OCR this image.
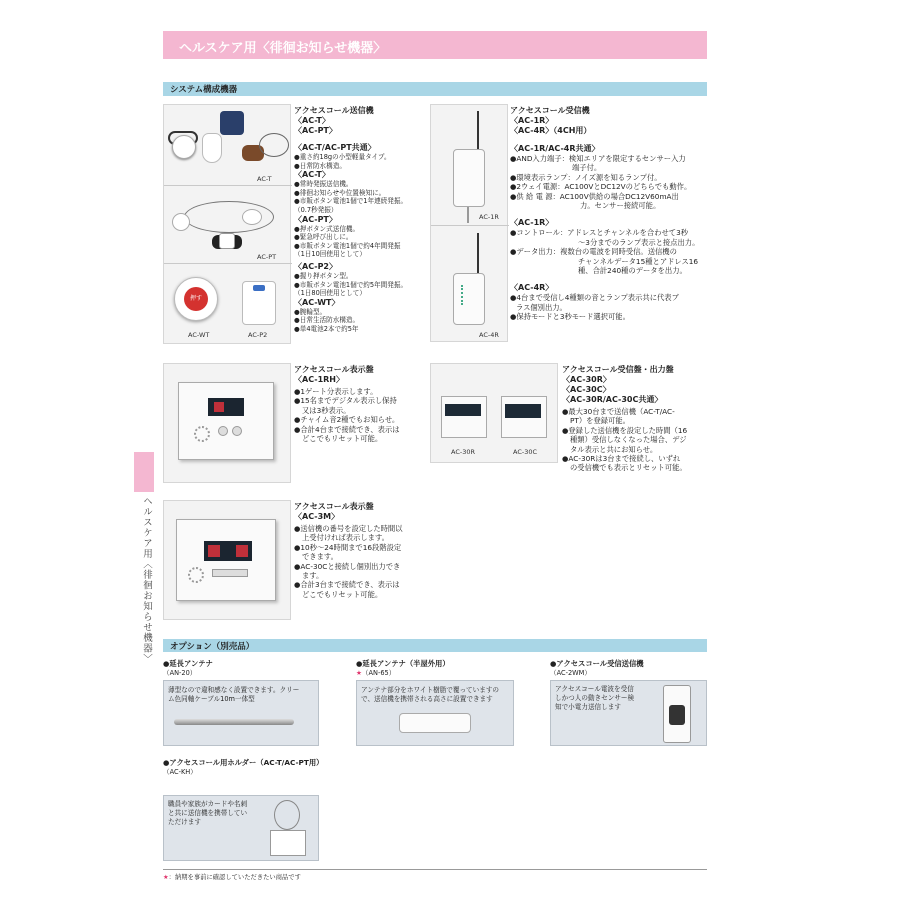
ヘルスケア用〈徘徊お知らせ機器〉
システム構成機器
ヘルスケア用〈徘徊お知らせ機器〉
AC-T
AC-PT
押す
AC-WT	AC-P2
アクセスコール送信機
〈AC-T〉
〈AC-PT〉
〈AC-T/AC-PT共通〉
●重さ約18gの小型軽量タイプ。
●日常防水構造。
〈AC-T〉
●常時発振送信機。
●徘徊お知らせや位置検知に。
●市販ボタン電池1個で1年連続発振。
（0.7秒発振）
〈AC-PT〉
●押ボタン式送信機。
●緊急呼び出しに。
●市販ボタン電池1個で約4年間発振
（1日10回使用として）
〈AC-P2〉
●握り押ボタン型。
●市販ボタン電池1個で約5年間発振。
（1日80回使用として）
〈AC-WT〉
●腕輪型。
●日常生活防水構造。
●単4電池2本で約5年
AC-1R
AC-4R
アクセスコール受信機
〈AC-1R〉
〈AC-4R〉（4CH用）
〈AC-1R/AC-4R共通〉
●AND入力端子：検知エリアを限定するセンサー入力
端子付。
●環境表示ランプ：ノイズ源を知るランプ付。
●2ウェイ電源：AC100VとDC12Vのどちらでも動作。
●供 給 電 源：AC100V供給の場合DC12V60mA出
力。センサー接続可能。
〈AC-1R〉
●コントロール：アドレスとチャンネルを合わせて3秒
～3分までのランプ表示と接点出力。
●データ出力：複数台の電波を同時受信。送信機の
チャンネルデータ15種とアドレス16
種、合計240種のデータを出力。
〈AC-4R〉
●4台まで受信し4種類の音とランプ表示共に代表ブ
ラス個別出力。
●保持モードと3秒モード選択可能。
アクセスコール表示盤
〈AC-1RH〉
●1ゲート分表示します。
●15名までデジタル表示し保持
又は3秒表示。
●チャイム音2種でもお知らせ。
●合計4台まで接続でき、表示は
どこでもリセット可能。
AC-30R	AC-30C
アクセスコール受信盤・出力盤
〈AC-30R〉
〈AC-30C〉
〈AC-30R/AC-30C共通〉
●最大30台まで送信機（AC-T/AC-
PT）を登録可能。
●登録した送信機を設定した時間（16
種類）受信しなくなった場合、デジ
タル表示と共にお知らせ。
●AC-30Rは3台まで接続し、いずれ
の受信機でも表示とリセット可能。
アクセスコール表示盤
〈AC-3M〉
●送信機の番号を設定した時間以
上受付ければ表示します。
●10秒～24時間まで16段階設定
できます。
●AC-30Cと接続し個別出力でき
ます。
●合計3台まで接続でき、表示は
どこでもリセット可能。
オプション（別売品）
●延長アンテナ
（AN-20）
薄型なので違和感なく設置できます。クリー
ム色同軸ケーブル10m一体型
●延長アンテナ（半屋外用）
★（AN-65）
アンテナ部分をホワイト樹脂で覆っていますの
で、送信機を携帯される高さに設置できます
●アクセスコール受信送信機
（AC-2WM）
アクセスコール電波を受信
しかつ人の動きセンサー検
知で小電力送信します
●アクセスコール用ホルダー（AC-T/AC-PT用）
（AC-KH）
職員や家族がカードや名刺
と共に送信機を携帯してい
ただけます
★：納期を事前に確認していただきたい商品です
